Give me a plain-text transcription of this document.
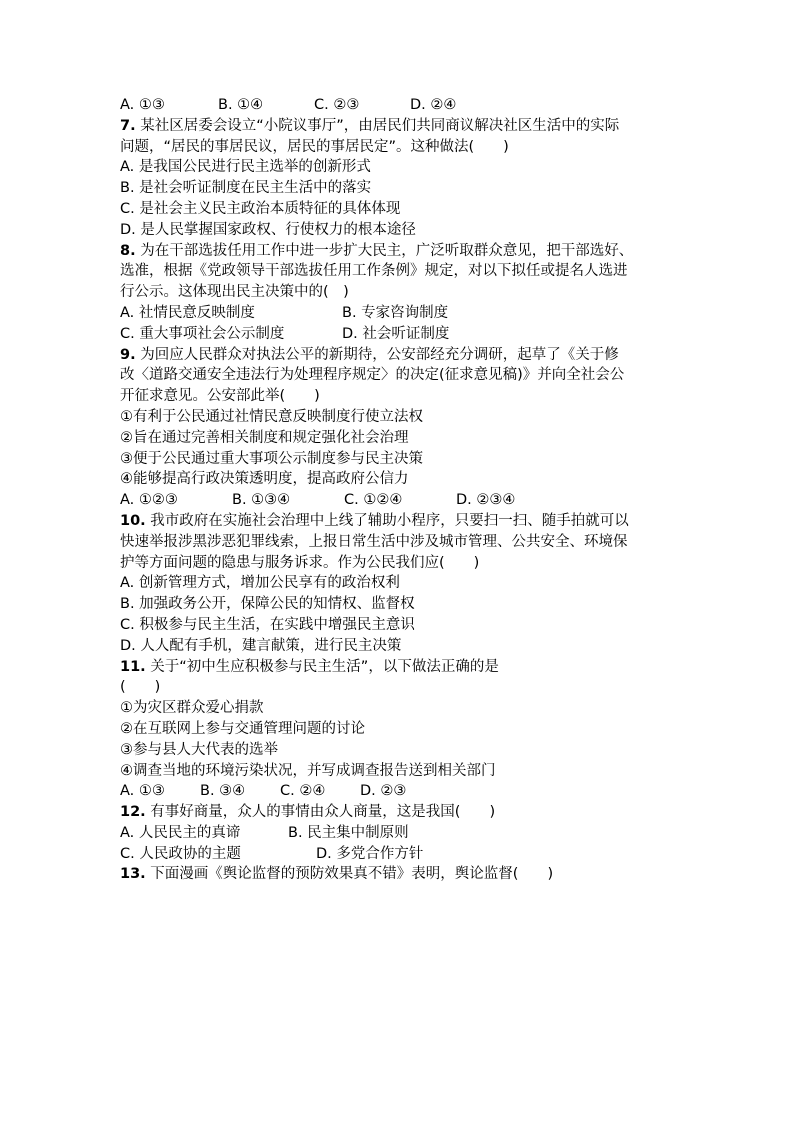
A. ①③	B. ①④	C. ②③	D. ②④
7. 某社区居委会设立“小院议事厅”，由居民们共同商议解决社区生活中的实际
问题，“居民的事居民议，居民的事居民定”。这种做法(　　)
A. 是我国公民进行民主选举的创新形式
B. 是社会听证制度在民主生活中的落实
C. 是社会主义民主政治本质特征的具体体现
D. 是人民掌握国家政权、行使权力的根本途径
8. 为在干部选拔任用工作中进一步扩大民主，广泛听取群众意见，把干部选好、
选准，根据《党政领导干部选拔任用工作条例》规定，对以下拟任或提名人选进
行公示。这体现出民主决策中的(　)
A. 社情民意反映制度	B. 专家咨询制度
C. 重大事项社会公示制度	D. 社会听证制度
9. 为回应人民群众对执法公平的新期待，公安部经充分调研，起草了《关于修
改〈道路交通安全违法行为处理程序规定〉的决定(征求意见稿)》并向全社会公
开征求意见。公安部此举(　　)
①有利于公民通过社情民意反映制度行使立法权
②旨在通过完善相关制度和规定强化社会治理
③便于公民通过重大事项公示制度参与民主决策
④能够提高行政决策透明度，提高政府公信力
A. ①②③	B. ①③④	C. ①②④	D. ②③④
10. 我市政府在实施社会治理中上线了辅助小程序，只要扫一扫、随手拍就可以
快速举报涉黑涉恶犯罪线索，上报日常生活中涉及城市管理、公共安全、环境保
护等方面问题的隐患与服务诉求。作为公民我们应(　　)
A. 创新管理方式，增加公民享有的政治权利
B. 加强政务公开，保障公民的知情权、监督权
C. 积极参与民主生活，在实践中增强民主意识
D. 人人配有手机，建言献策，进行民主决策
11. 关于“初中生应积极参与民主生活”，以下做法正确的是
(　　)
①为灾区群众爱心捐款
②在互联网上参与交通管理问题的讨论
③参与县人大代表的选举
④调查当地的环境污染状况，并写成调查报告送到相关部门
A. ①③ B. ③④ C. ②④ D. ②③
12. 有事好商量，众人的事情由众人商量，这是我国(　　)
A. 人民民主的真谛	B. 民主集中制原则
C. 人民政协的主题	D. 多党合作方针
13. 下面漫画《舆论监督的预防效果真不错》表明，舆论监督(　　)
